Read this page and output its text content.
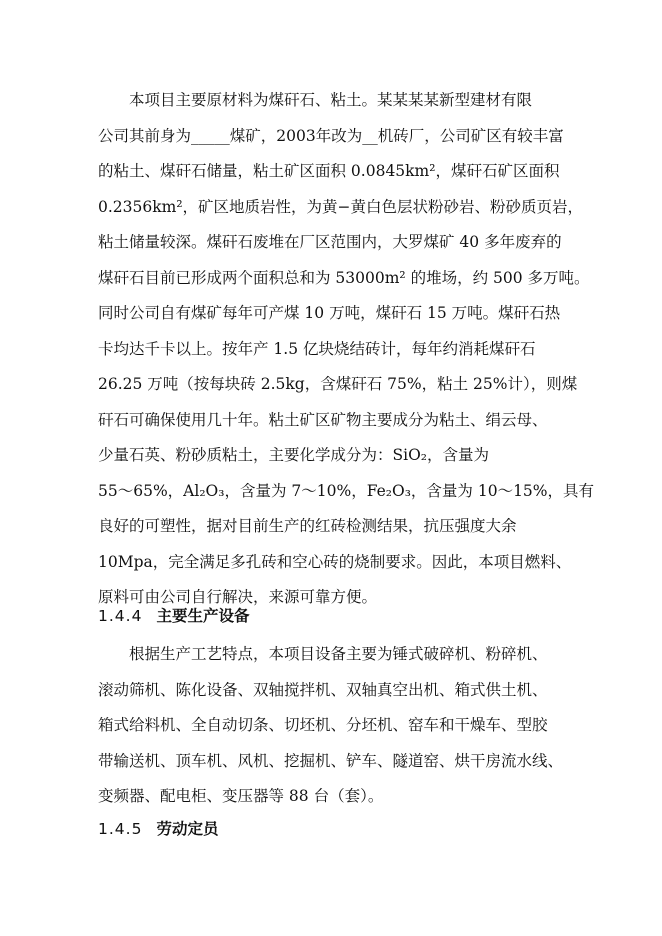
本项目主要原材料为煤矸石、粘土。某某某某新型建材有限
公司其前身为_____煤矿，2003年改为__机砖厂，公司矿区有较丰富
的粘土、煤矸石储量，粘土矿区面积 0.0845km²，煤矸石矿区面积
0.2356km²，矿区地质岩性，为黄−黄白色层状粉砂岩、粉砂质页岩，
粘土储量较深。煤矸石废堆在厂区范围内，大罗煤矿 40 多年废弃的
煤矸石目前已形成两个面积总和为 53000m² 的堆场，约 500 多万吨。
同时公司自有煤矿每年可产煤 10 万吨，煤矸石 15 万吨。煤矸石热
卡均达千卡以上。按年产 1.5 亿块烧结砖计，每年约消耗煤矸石
26.25 万吨（按每块砖 2.5kg，含煤矸石 75%，粘土 25%计），则煤
矸石可确保使用几十年。粘土矿区矿物主要成分为粘土、绢云母、
少量石英、粉砂质粘土，主要化学成分为：SiO₂，含量为
55～65%，Al₂O₃，含量为 7～10%，Fe₂O₃，含量为 10～15%，具有
良好的可塑性，据对目前生产的红砖检测结果，抗压强度大余
10Mpa，完全满足多孔砖和空心砖的烧制要求。因此，本项目燃料、
原料可由公司自行解决，来源可靠方便。
1.4.4 主要生产设备
根据生产工艺特点，本项目设备主要为锤式破碎机、粉碎机、
滚动筛机、陈化设备、双轴搅拌机、双轴真空出机、箱式供土机、
箱式给料机、全自动切条、切坯机、分坯机、窑车和干燥车、型胶
带输送机、顶车机、风机、挖掘机、铲车、隧道窑、烘干房流水线、
变频器、配电柜、变压器等 88 台（套）。
1.4.5 劳动定员
